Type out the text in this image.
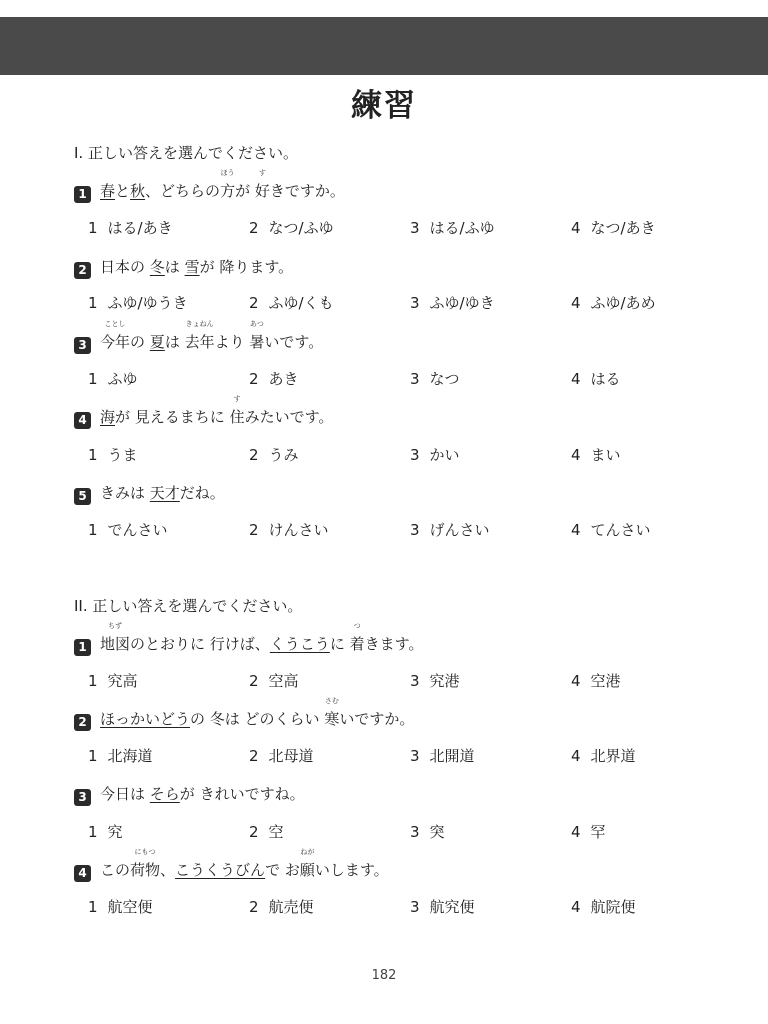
練習
I. 正しい答えを選んでください。
1 春と秋、どちらの
ほう
方が
す
好きですか。
1 はる/あき	2 なつ/ふゆ	3 はる/ふゆ	4 なつ/あき
2 日本の 冬は 雪が 降ります。
1 ふゆ/ゆうき	2 ふゆ/くも	3 ふゆ/ゆき	4 ふゆ/あめ
3
ことし
今年の 夏は
きょねん
去年より
あつ
暑いです。
1 ふゆ	2 あき	3 なつ	4 はる
4 海が 見えるまちに
す
住みたいです。
1 うま	2 うみ	3 かい	4 まい
5 きみは 天才だね。
1 でんさい	2 けんさい	3 げんさい	4 てんさい
II. 正しい答えを選んでください。
1
ちず
地図のとおりに 行けば、くうこうに
つ
着きます。
1 究高	2 空高	3 究港	4 空港
2 ほっかいどうの 冬は どのくらい
さむ
寒いですか。
1 北海道	2 北母道	3 北開道	4 北界道
3 今日は そらが きれいですね。
1 究	2 空	3 突	4 罕
4 この
にもつ
荷物、こうくうびんで お
ねが
願いします。
1 航空便	2 航売便	3 航究便	4 航院便
182
